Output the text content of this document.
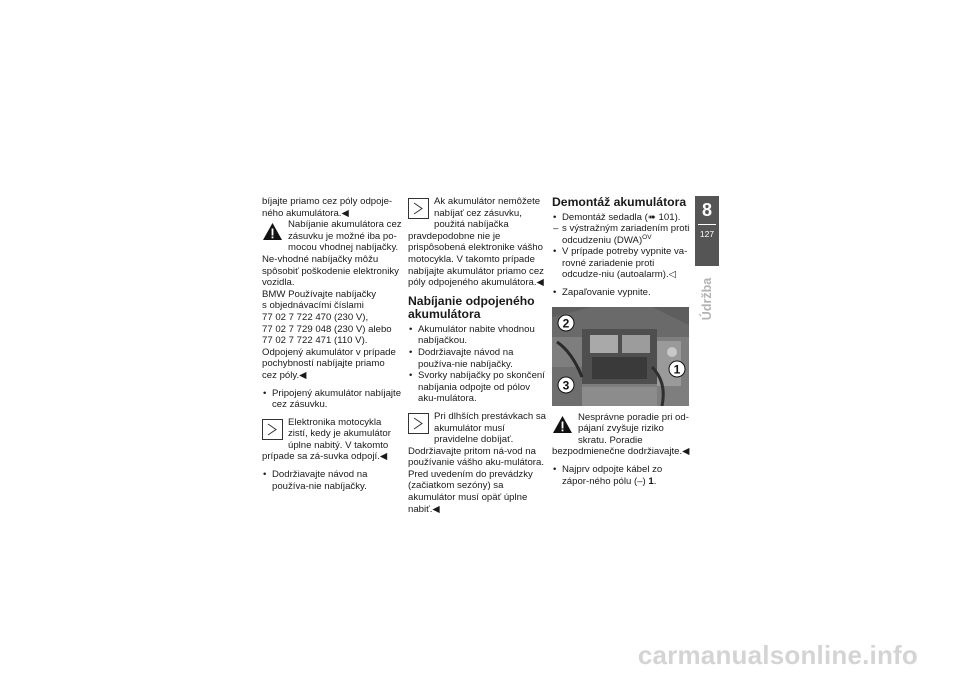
bíjajte priamo cez póly odpoje-ného akumulátora.◀

Nabíjanie akumulátora cez zásuvku je možné iba po-mocou vhodnej nabíjačky. Ne-vhodné nabíjačky môžu spôsobiť poškodenie elektroniky vozidla.

BMW Používajte nabíjačky

s objednávacími číslami

77 02 7 722 470 (230 V),

77 02 7 729 048 (230 V) alebo

77 02 7 722 471 (110 V).

Odpojený akumulátor v prípade pochybností nabíjajte priamo cez póly.◀

• Pripojený akumulátor nabíjajte cez zásuvku.

Elektronika motocykla zistí, kedy je akumulátor úplne nabitý. V takomto prípade sa zá-suvka odpojí.◀

• Dodržiavajte návod na používa-nie nabíjačky.

Ak akumulátor nemôžete nabíjať cez zásuvku, použitá nabíjačka pravdepodobne nie je prispôsobená elektronike vášho motocykla. V takomto prípade nabíjajte akumulátor priamo cez póly odpojeného akumulátora.◀

Nabíjanie odpojeného akumulátora

• Akumulátor nabite vhodnou nabíjačkou.

• Dodržiavajte návod na používa-nie nabíjačky.

• Svorky nabíjačky po skončení nabíjania odpojte od pólov aku-mulátora.

Pri dlhších prestávkach sa akumulátor musí pravidelne dobíjať. Dodržiavajte pritom ná-vod na používanie vášho aku-mulátora. Pred uvedením do prevádzky (začiatkom sezóny) sa akumulátor musí opäť úplne nabiť.◀

Demontáž akumulátora

• Demontáž sedadla (➠ 101).

– s výstražným zariadením proti odcudzeniu (DWA)$^{OV}$

• V prípade potreby vypnite va-rovné zariadenie proti odcudze-niu (autoalarm).◁

• Zapaľovanie vypnite.

2
3
1

Nesprávne poradie pri od-pájaní zvyšuje riziko skratu. Poradie bezpodmienečne dodržiavajte.◀

• Najprv odpojte kábel zo zápor-ného pólu (–) 1.

8
127
Údržba
carmanualsonline.info
